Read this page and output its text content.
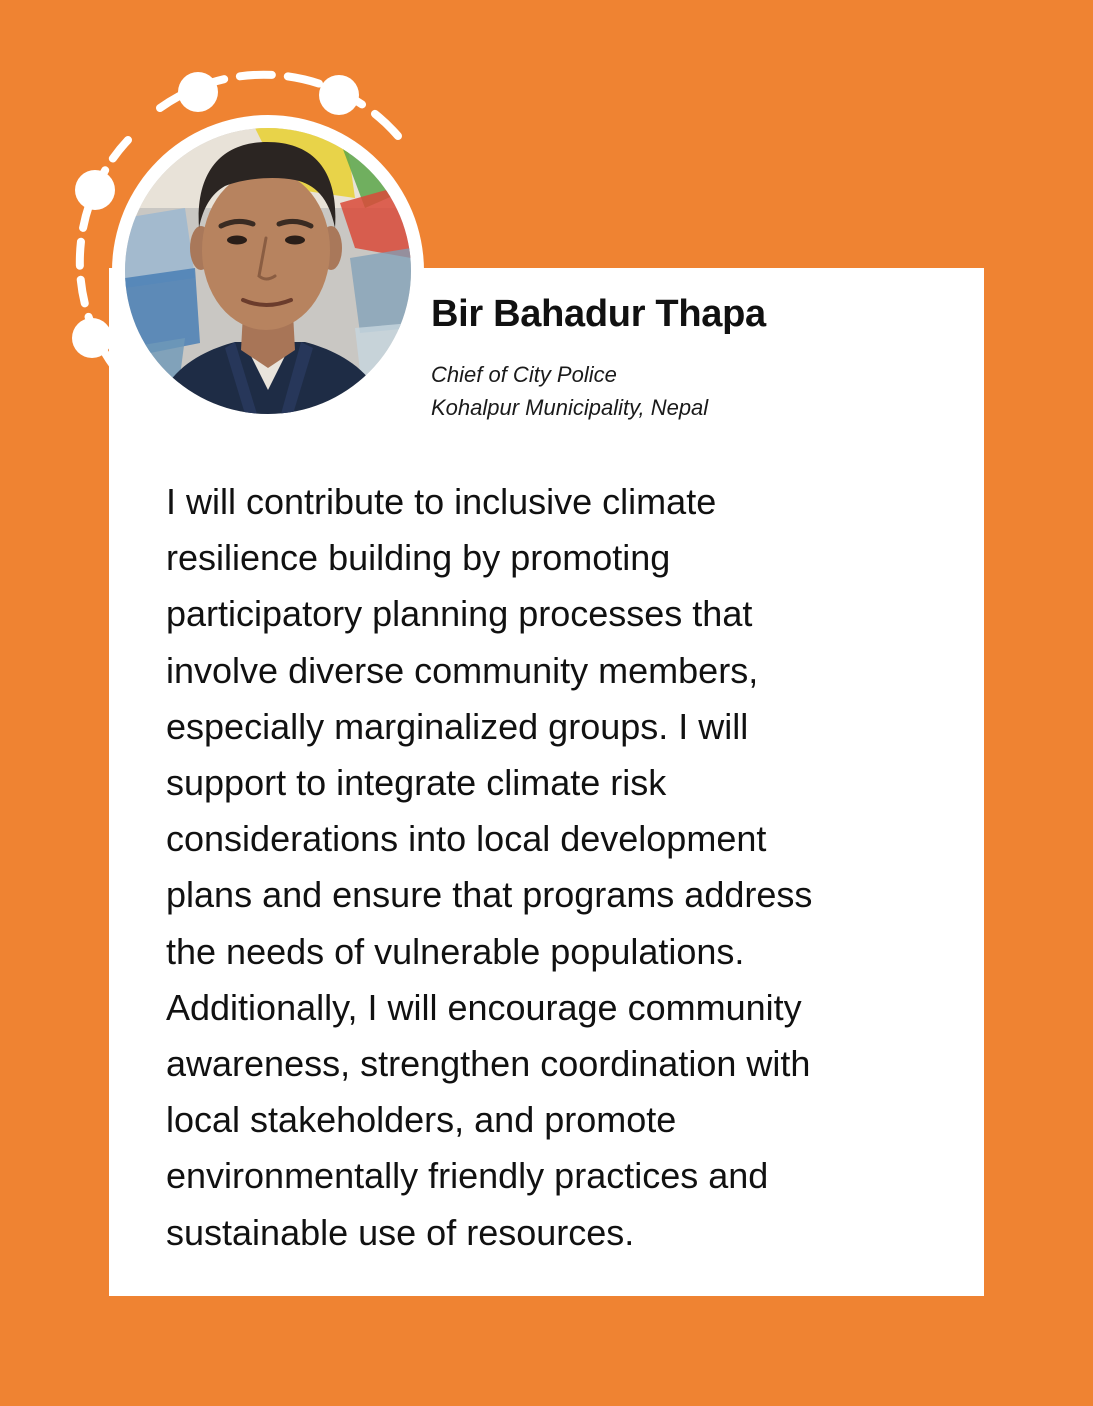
Bir Bahadur Thapa
Chief of City Police
Kohalpur Municipality, Nepal
I will contribute to inclusive climate
resilience building by promoting
participatory planning processes that
involve diverse community members,
especially marginalized groups. I will
support to integrate climate risk
considerations into local development
plans and ensure that programs address
the needs of vulnerable populations.
Additionally, I will encourage community
awareness, strengthen coordination with
local stakeholders, and promote
environmentally friendly practices and
sustainable use of resources.
